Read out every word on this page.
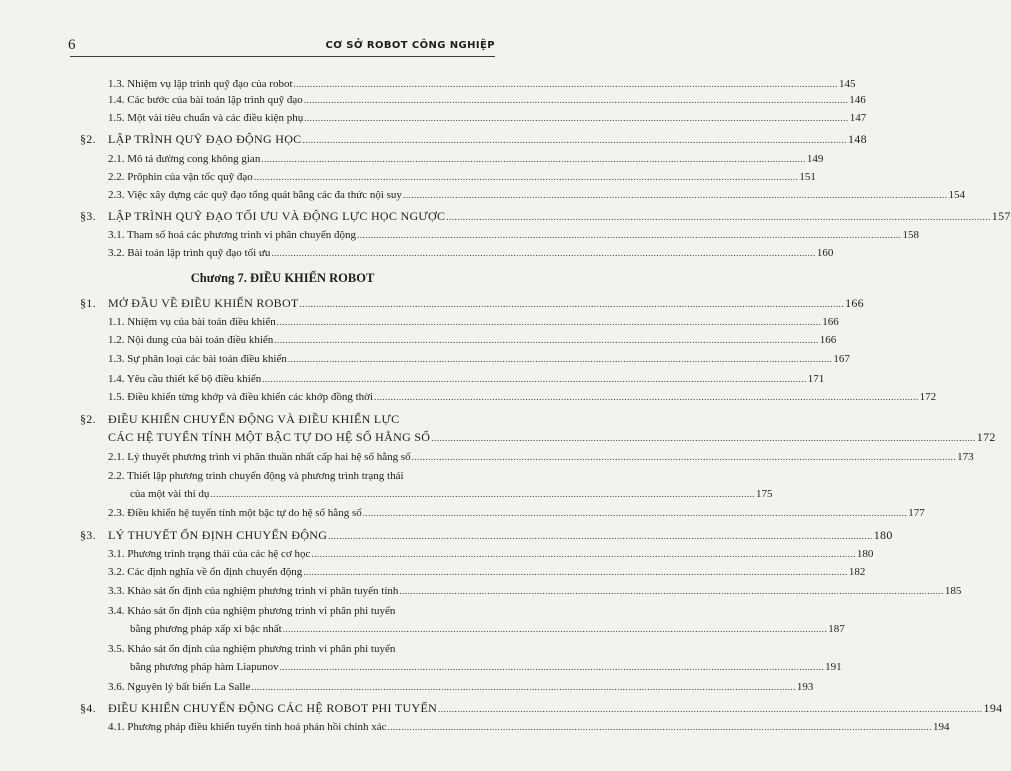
6	CƠ SỞ ROBOT CÔNG NGHIỆP
1.3. Nhiệm vụ lập trình quỹ đạo của robot .....	145
1.4. Các bước của bài toán lập trình quỹ đạo .....	146
1.5. Một vài tiêu chuẩn và các điều kiện phụ .....	147
§2. LẬP TRÌNH QUỸ ĐẠO ĐỘNG HỌC .....	148
2.1. Mô tả đường cong không gian .....	149
2.2. Prôphin của vận tốc quỹ đạo .....	151
2.3. Việc xây dựng các quỹ đạo tổng quát bằng các đa thức nội suy .....	154
§3. LẬP TRÌNH QUỸ ĐẠO TỐI ƯU VÀ ĐỘNG LỰC HỌC NGƯỢC .....	157
3.1. Tham số hoá các phương trình vi phân chuyển động .....	158
3.2. Bài toán lập trình quỹ đạo tối ưu .....	160
Chương 7. ĐIỀU KHIỂN ROBOT
§1. MỞ ĐẦU VỀ ĐIỀU KHIỂN ROBOT .....	166
1.1. Nhiệm vụ của bài toán điều khiển .....	166
1.2. Nội dung của bài toán điều khiển .....	166
1.3. Sự phân loại các bài toán điều khiển .....	167
1.4. Yêu cầu thiết kế bộ điều khiển .....	171
1.5. Điều khiển từng khớp và điều khiển các khớp đồng thời .....	172
§2. ĐIỀU KHIỂN CHUYỂN ĐỘNG VÀ ĐIỀU KHIỂN LỰC
CÁC HỆ TUYẾN TÍNH MỘT BẬC TỰ DO HỆ SỐ HẰNG SỐ .....	172
2.1. Lý thuyết phương trình vi phân thuần nhất cấp hai hệ số hằng số .....	173
2.2. Thiết lập phương trình chuyển động và phương trình trạng thái
của một vài thí dụ .....	175
2.3. Điều khiển hệ tuyến tính một bậc tự do hệ số hằng số .....	177
§3. LÝ THUYẾT ỔN ĐỊNH CHUYỂN ĐỘNG .....	180
3.1. Phương trình trạng thái của các hệ cơ học .....	180
3.2. Các định nghĩa về ổn định chuyển động .....	182
3.3. Khảo sát ổn định của nghiệm phương trình vi phân tuyến tính .....	185
3.4. Khảo sát ổn định của nghiệm phương trình vi phân phi tuyến
bằng phương pháp xấp xỉ bậc nhất .....	187
3.5. Khảo sát ổn định của nghiệm phương trình vi phân phi tuyến
bằng phương pháp hàm Liapunov .....	191
3.6. Nguyên lý bất biến La Salle .....	193
§4. ĐIỀU KHIỂN CHUYỂN ĐỘNG CÁC HỆ ROBOT PHI TUYẾN .....	194
4.1. Phương pháp điều khiển tuyến tính hoá phản hồi chính xác .....	194
